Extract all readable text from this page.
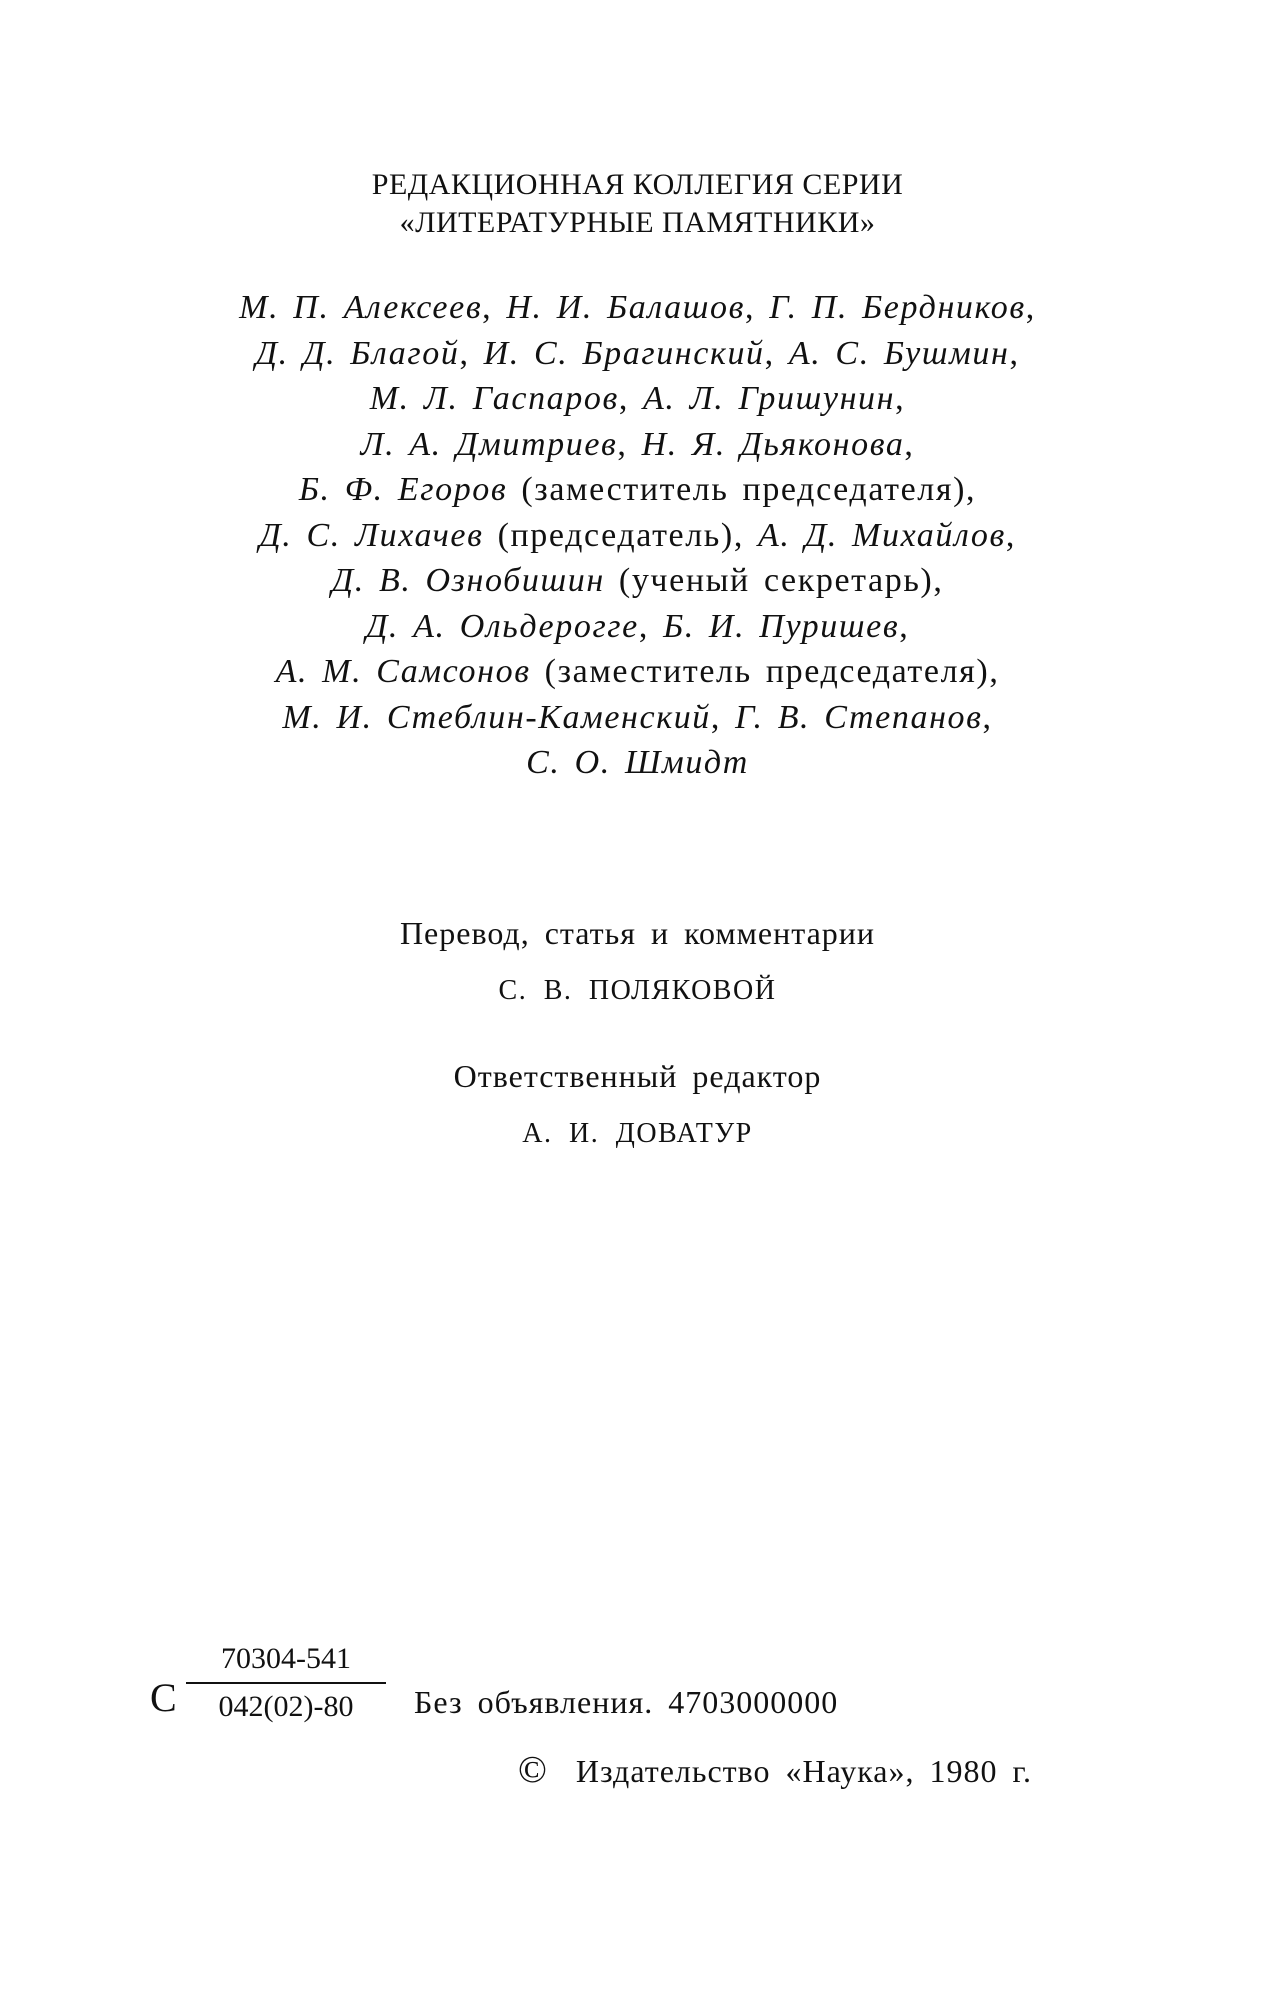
РЕДАКЦИОННАЯ КОЛЛЕГИЯ СЕРИИ
«ЛИТЕРАТУРНЫЕ ПАМЯТНИКИ»
М. П. Алексеев, Н. И. Балашов, Г. П. Бердников,
Д. Д. Благой, И. С. Брагинский, А. С. Бушмин,
М. Л. Гаспаров, А. Л. Гришунин,
Л. А. Дмитриев, Н. Я. Дьяконова,
Б. Ф. Егоров (заместитель председателя),
Д. С. Лихачев (председатель), А. Д. Михайлов,
Д. В. Ознобишин (ученый секретарь),
Д. А. Ольдерогге, Б. И. Пуришев,
А. М. Самсонов (заместитель председателя),
М. И. Стеблин-Каменский, Г. В. Степанов,
С. О. Шмидт
Перевод, статья и комментарии
С. В. ПОЛЯКОВОЙ
Ответственный редактор
А. И. ДОВАТУР
С $\frac{70304-541}{042(02)-80}$ Без объявления. 4703000000
© Издательство «Наука», 1980 г.
